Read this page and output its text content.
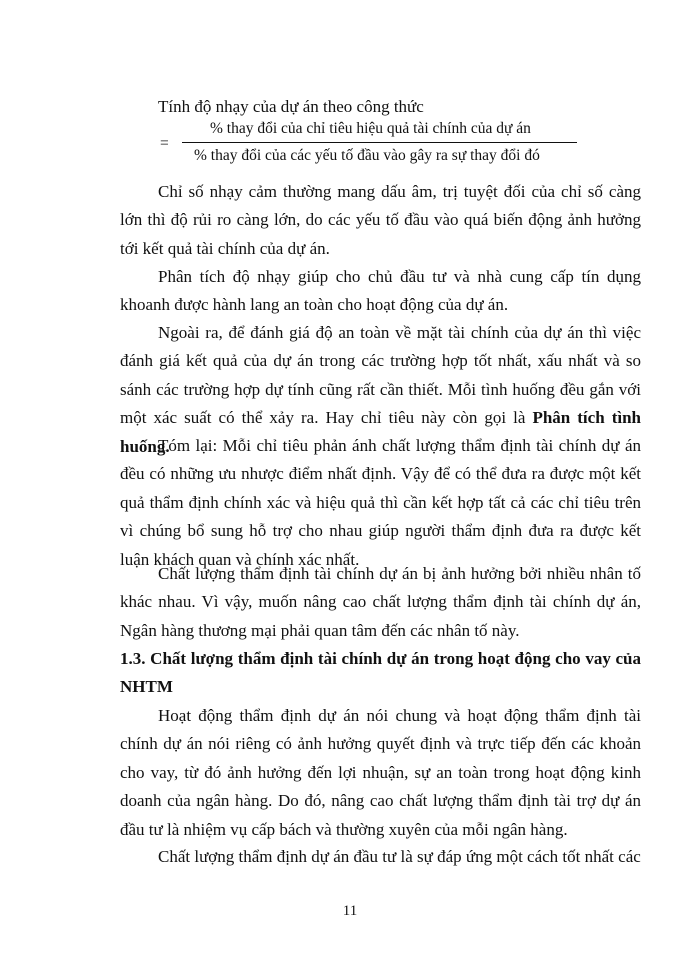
Tính độ nhạy của dự án theo công thức

=
% thay đổi của chỉ tiêu hiệu quả tài chính của dự án
% thay đổi của các yếu tố đầu vào gây ra sự thay đổi đó

Chỉ số nhạy cảm thường mang dấu âm, trị tuyệt đối của chỉ số càng lớn thì độ rủi ro càng lớn, do các yếu tố đầu vào quá biến động ảnh hưởng tới kết quả tài chính của dự án.

Phân tích độ nhạy giúp cho chủ đầu tư và nhà cung cấp tín dụng khoanh được hành lang an toàn cho hoạt động của dự án.

Ngoài ra, để đánh giá độ an toàn về mặt tài chính của dự án thì việc đánh giá kết quả của dự án trong các trường hợp tốt nhất, xấu nhất và so sánh các trường hợp dự tính cũng rất cần thiết. Mỗi tình huống đều gắn với một xác suất có thể xảy ra. Hay chỉ tiêu này còn gọi là Phân tích tình huống.

Tóm lại: Mỗi chỉ tiêu phản ánh chất lượng thẩm định tài chính dự án đều có những ưu nhược điểm nhất định. Vậy để có thể đưa ra được một kết quả thẩm định chính xác và hiệu quả thì cần kết hợp tất cả các chỉ tiêu trên vì chúng bổ sung hỗ trợ cho nhau giúp người thẩm định đưa ra được kết luận khách quan và chính xác nhất.

Chất lượng thẩm định tài chính dự án bị ảnh hưởng bởi nhiều nhân tố khác nhau. Vì vậy, muốn nâng cao chất lượng thẩm định tài chính dự án, Ngân hàng thương mại phải quan tâm đến các nhân tố này.

1.3. Chất lượng thẩm định tài chính dự án trong hoạt động cho vay của NHTM

Hoạt động thẩm định dự án nói chung và hoạt động thẩm định tài chính dự án nói riêng có ảnh hưởng quyết định và trực tiếp đến các khoản cho vay, từ đó ảnh hưởng đến lợi nhuận, sự an toàn trong hoạt động kinh doanh của ngân hàng. Do đó, nâng cao chất lượng thẩm định tài trợ dự án đầu tư là nhiệm vụ cấp bách và thường xuyên của mỗi ngân hàng.

Chất lượng thẩm định dự án đầu tư là sự đáp ứng một cách tốt nhất các

11
